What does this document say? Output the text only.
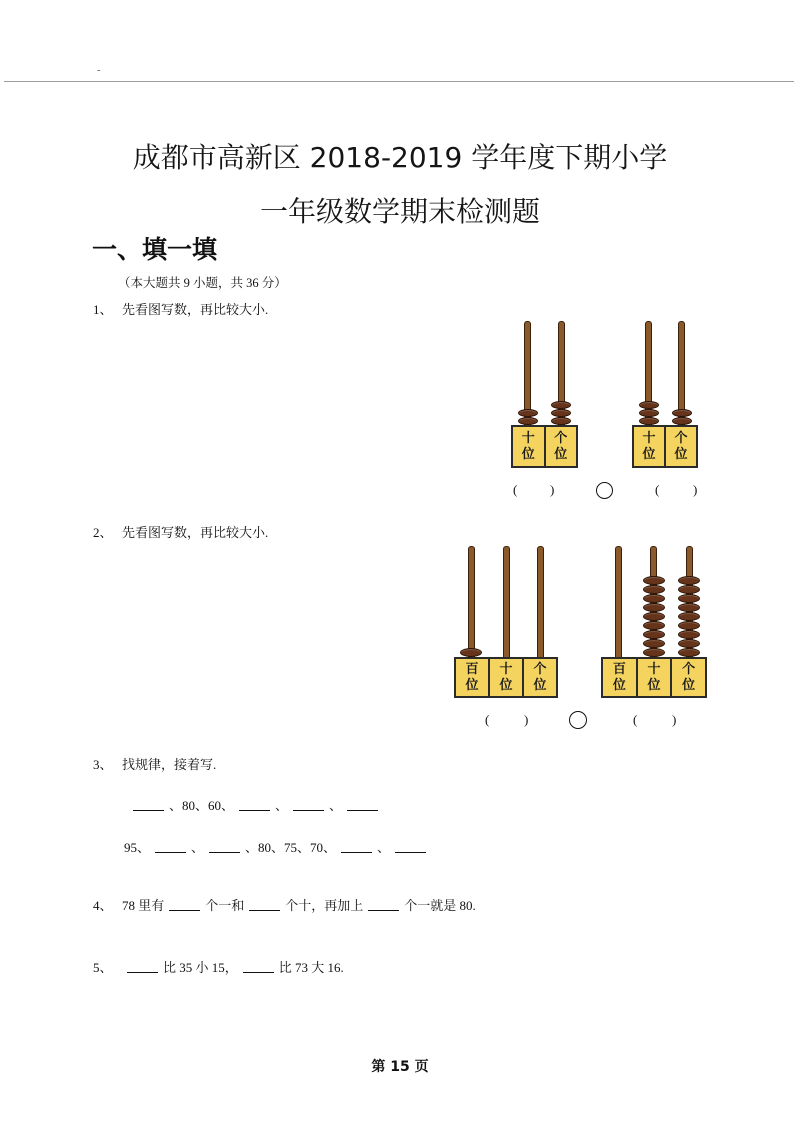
-
成都市高新区 2018-2019 学年度下期小学
一年级数学期末检测题
一、填一填
（本大题共 9 小题，共 36 分）
1、 先看图写数，再比较大小.
十
位
个
位
十
位
个
位
(	)	(	)
2、 先看图写数，再比较大小.
百
位
十
位
个
位
百
位
十
位
个
位
(	)	(	)
3、 找规律，接着写.
、80、60、	、	、
95、	、	、80、75、70、	、
4、 78 里有	个一和	个十，再加上	个一就是 80.
5、	比 35 小 15，	比 73 大 16.
第 15 页
